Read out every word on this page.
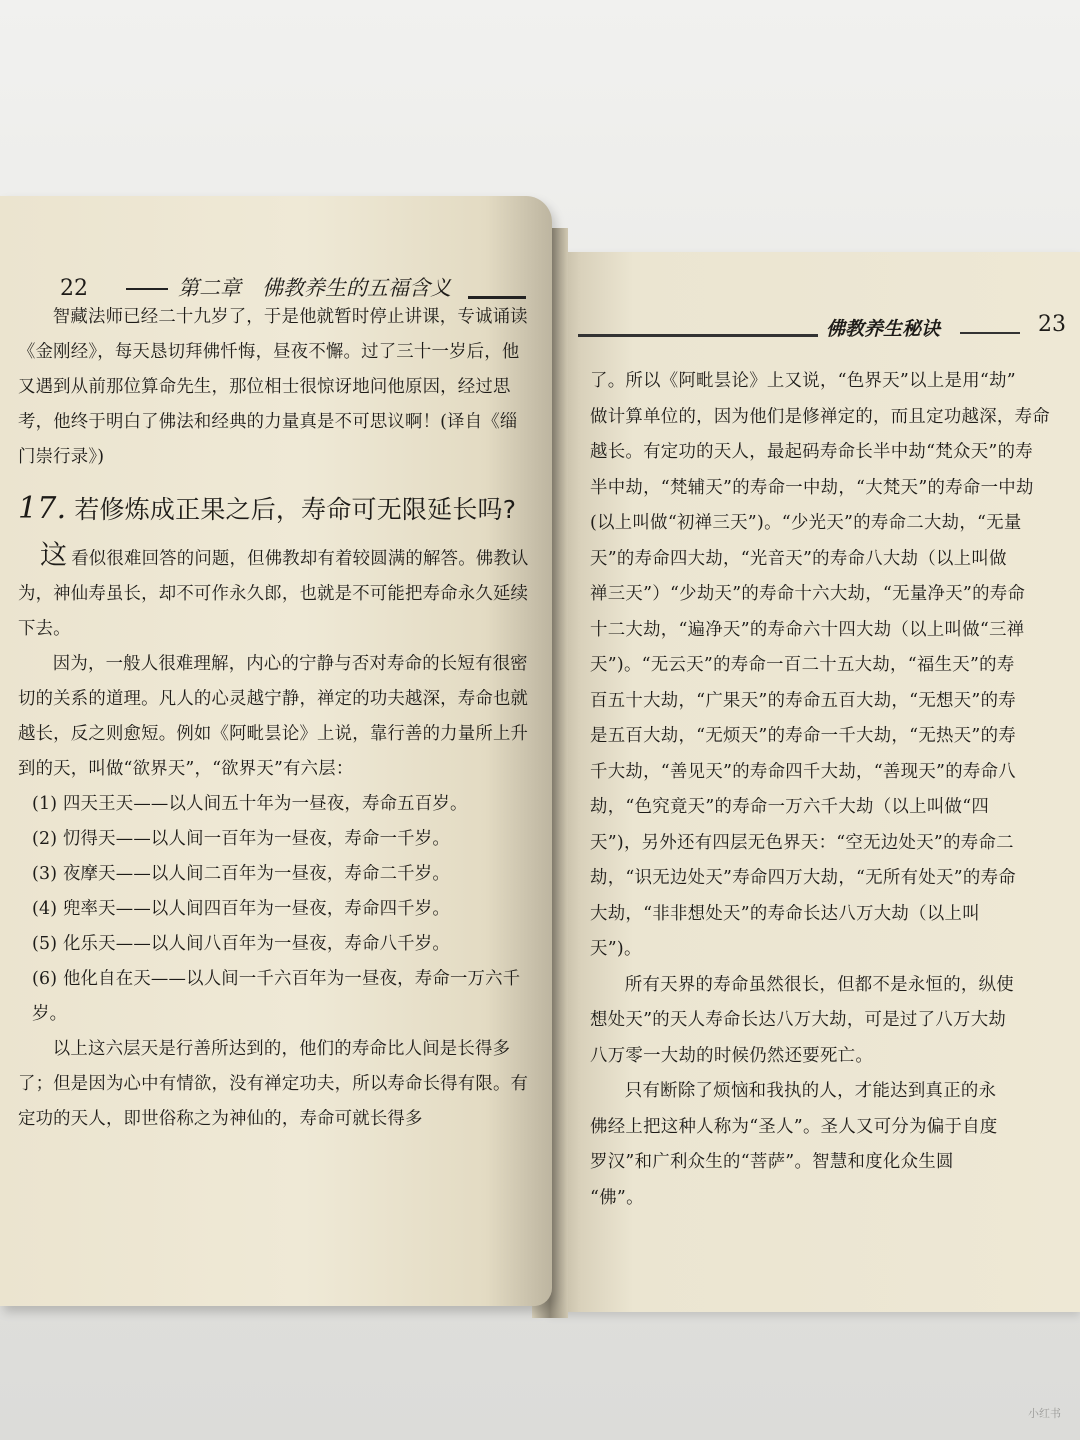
佛教养生秘诀	23

了。所以《阿毗昙论》上又说，“色界天”以上是用“劫”

做计算单位的，因为他们是修禅定的，而且定功越深，寿命

越长。有定功的天人，最起码寿命长半中劫“梵众天”的寿

半中劫，“梵辅天”的寿命一中劫，“大梵天”的寿命一中劫

(以上叫做“初禅三天”)。“少光天”的寿命二大劫，“无量

天”的寿命四大劫，“光音天”的寿命八大劫（以上叫做

禅三天”）“少劫天”的寿命十六大劫，“无量净天”的寿命

十二大劫，“遍净天”的寿命六十四大劫（以上叫做“三禅

天”)。“无云天”的寿命一百二十五大劫，“福生天”的寿

百五十大劫，“广果天”的寿命五百大劫，“无想天”的寿

是五百大劫，“无烦天”的寿命一千大劫，“无热天”的寿

千大劫，“善见天”的寿命四千大劫，“善现天”的寿命八

劫，“色究竟天”的寿命一万六千大劫（以上叫做“四

天”)，另外还有四层无色界天：“空无边处天”的寿命二

劫，“识无边处天”寿命四万大劫，“无所有处天”的寿命

大劫，“非非想处天”的寿命长达八万大劫（以上叫

天”)。

所有天界的寿命虽然很长，但都不是永恒的，纵使

想处天”的天人寿命长达八万大劫，可是过了八万大劫

八万零一大劫的时候仍然还要死亡。

只有断除了烦恼和我执的人，才能达到真正的永

佛经上把这种人称为“圣人”。圣人又可分为偏于自度

罗汉”和广利众生的“菩萨”。智慧和度化众生圆

“佛”。

22	第二章　佛教养生的五福含义

智藏法师已经二十九岁了，于是他就暂时停止讲课，专诚诵读《金刚经》，每天恳切拜佛忏悔，昼夜不懈。过了三十一岁后，他又遇到从前那位算命先生，那位相士很惊讶地问他原因，经过思考，他终于明白了佛法和经典的力量真是不可思议啊！(译自《缁门崇行录》)

17. 若修炼成正果之后，寿命可无限延长吗?

这看似很难回答的问题，但佛教却有着较圆满的解答。佛教认为，神仙寿虽长，却不可作永久郎，也就是不可能把寿命永久延续下去。

因为，一般人很难理解，内心的宁静与否对寿命的长短有很密切的关系的道理。凡人的心灵越宁静，禅定的功夫越深，寿命也就越长，反之则愈短。例如《阿毗昙论》上说，靠行善的力量所上升到的天，叫做“欲界天”，“欲界天”有六层：

(1) 四天王天——以人间五十年为一昼夜，寿命五百岁。

(2) 忉得天——以人间一百年为一昼夜，寿命一千岁。

(3) 夜摩天——以人间二百年为一昼夜，寿命二千岁。

(4) 兜率天——以人间四百年为一昼夜，寿命四千岁。

(5) 化乐天——以人间八百年为一昼夜，寿命八千岁。

(6) 他化自在天——以人间一千六百年为一昼夜，寿命一万六千岁。

以上这六层天是行善所达到的，他们的寿命比人间是长得多了；但是因为心中有情欲，没有禅定功夫，所以寿命长得有限。有定功的天人，即世俗称之为神仙的，寿命可就长得多

小红书
